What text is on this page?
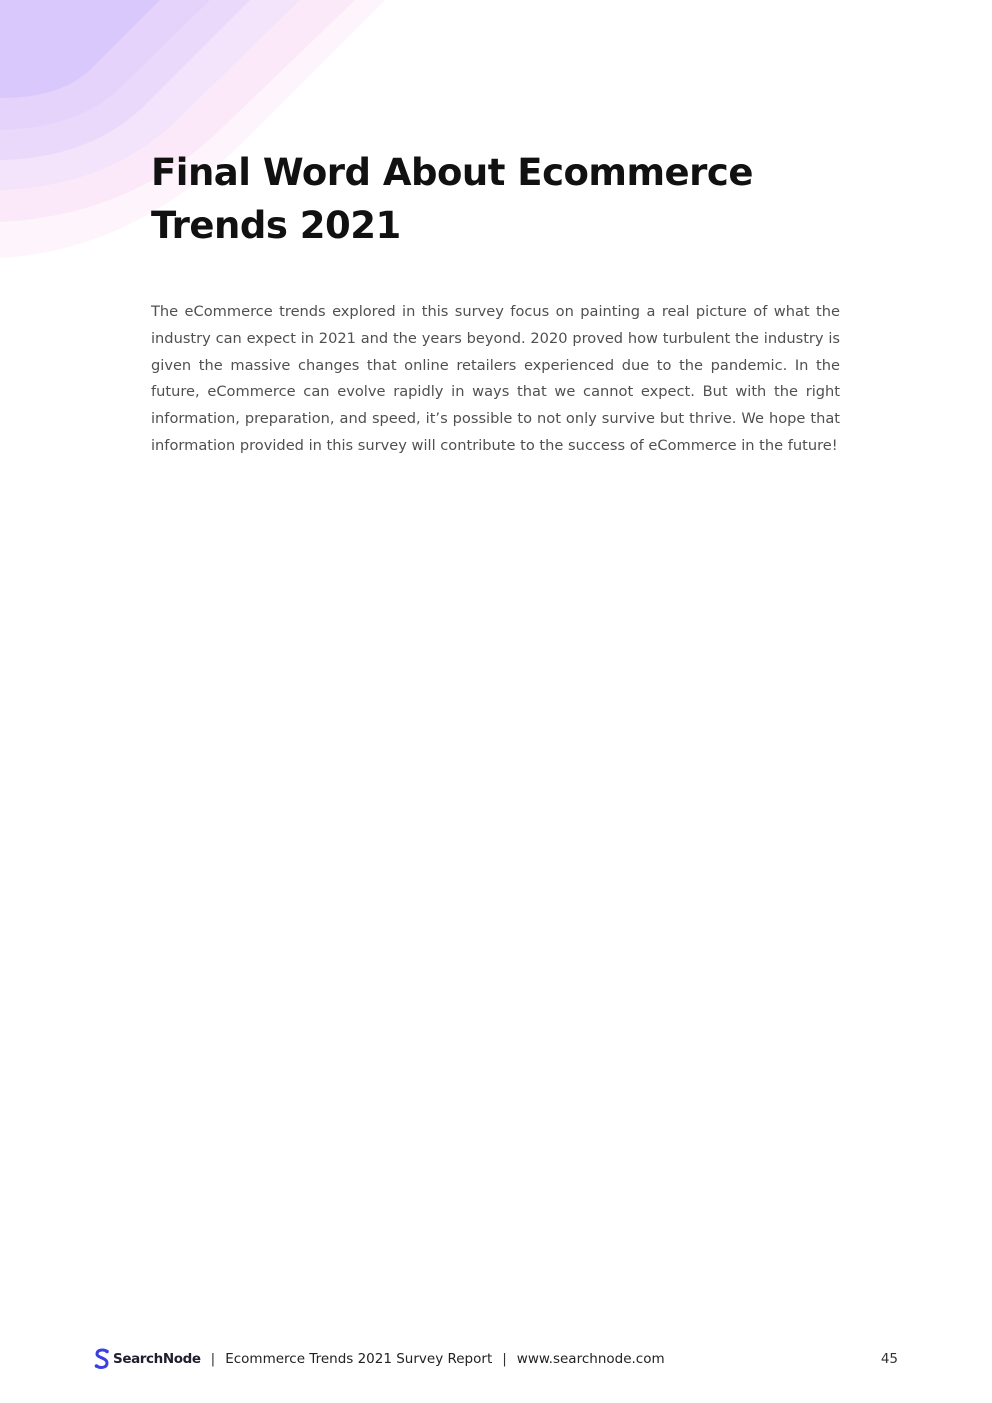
Final Word About Ecommerce Trends 2021

The eCommerce trends explored in this survey focus on painting a real picture of what the industry can expect in 2021 and the years beyond. 2020 proved how turbulent the industry is given the massive changes that online retailers experienced due to the pandemic. In the future, eCommerce can evolve rapidly in ways that we cannot expect. But with the right information, preparation, and speed, it’s possible to not only survive but thrive. We hope that information provided in this survey will contribute to the success of eCommerce in the future!

SearchNode | Ecommerce Trends 2021 Survey Report | www.searchnode.com	45
